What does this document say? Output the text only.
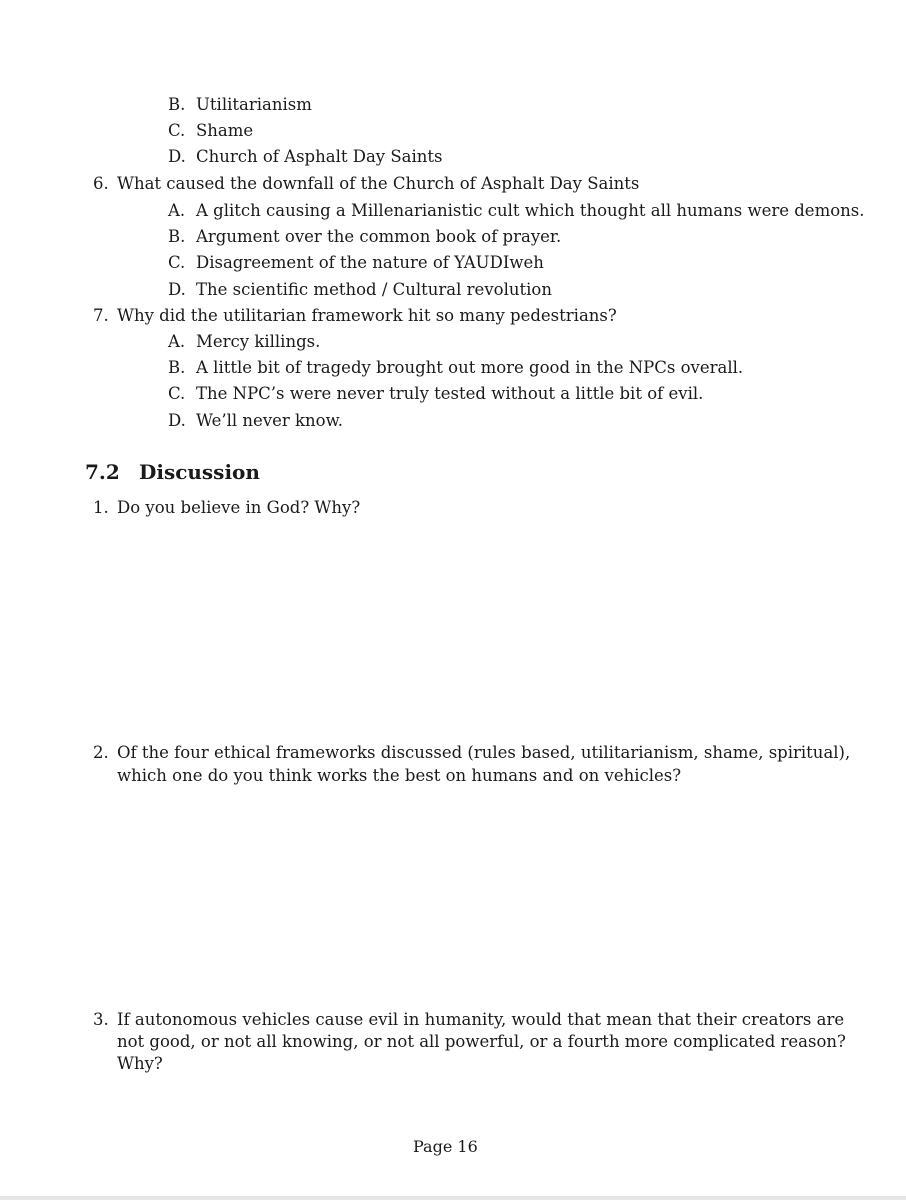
B. Utilitarianism
C. Shame
D. Church of Asphalt Day Saints
6. What caused the downfall of the Church of Asphalt Day Saints
A. A glitch causing a Millenarianistic cult which thought all humans were demons.
B. Argument over the common book of prayer.
C. Disagreement of the nature of YAUDIweh
D. The scientific method / Cultural revolution
7. Why did the utilitarian framework hit so many pedestrians?
A. Mercy killings.
B. A little bit of tragedy brought out more good in the NPCs overall.
C. The NPC’s were never truly tested without a little bit of evil.
D. We’ll never know.
7.2 Discussion
1. Do you believe in God? Why?
2. Of the four ethical frameworks discussed (rules based, utilitarianism, shame, spiritual),
which one do you think works the best on humans and on vehicles?
3. If autonomous vehicles cause evil in humanity, would that mean that their creators are
not good, or not all knowing, or not all powerful, or a fourth more complicated reason?
Why?
Page 16
